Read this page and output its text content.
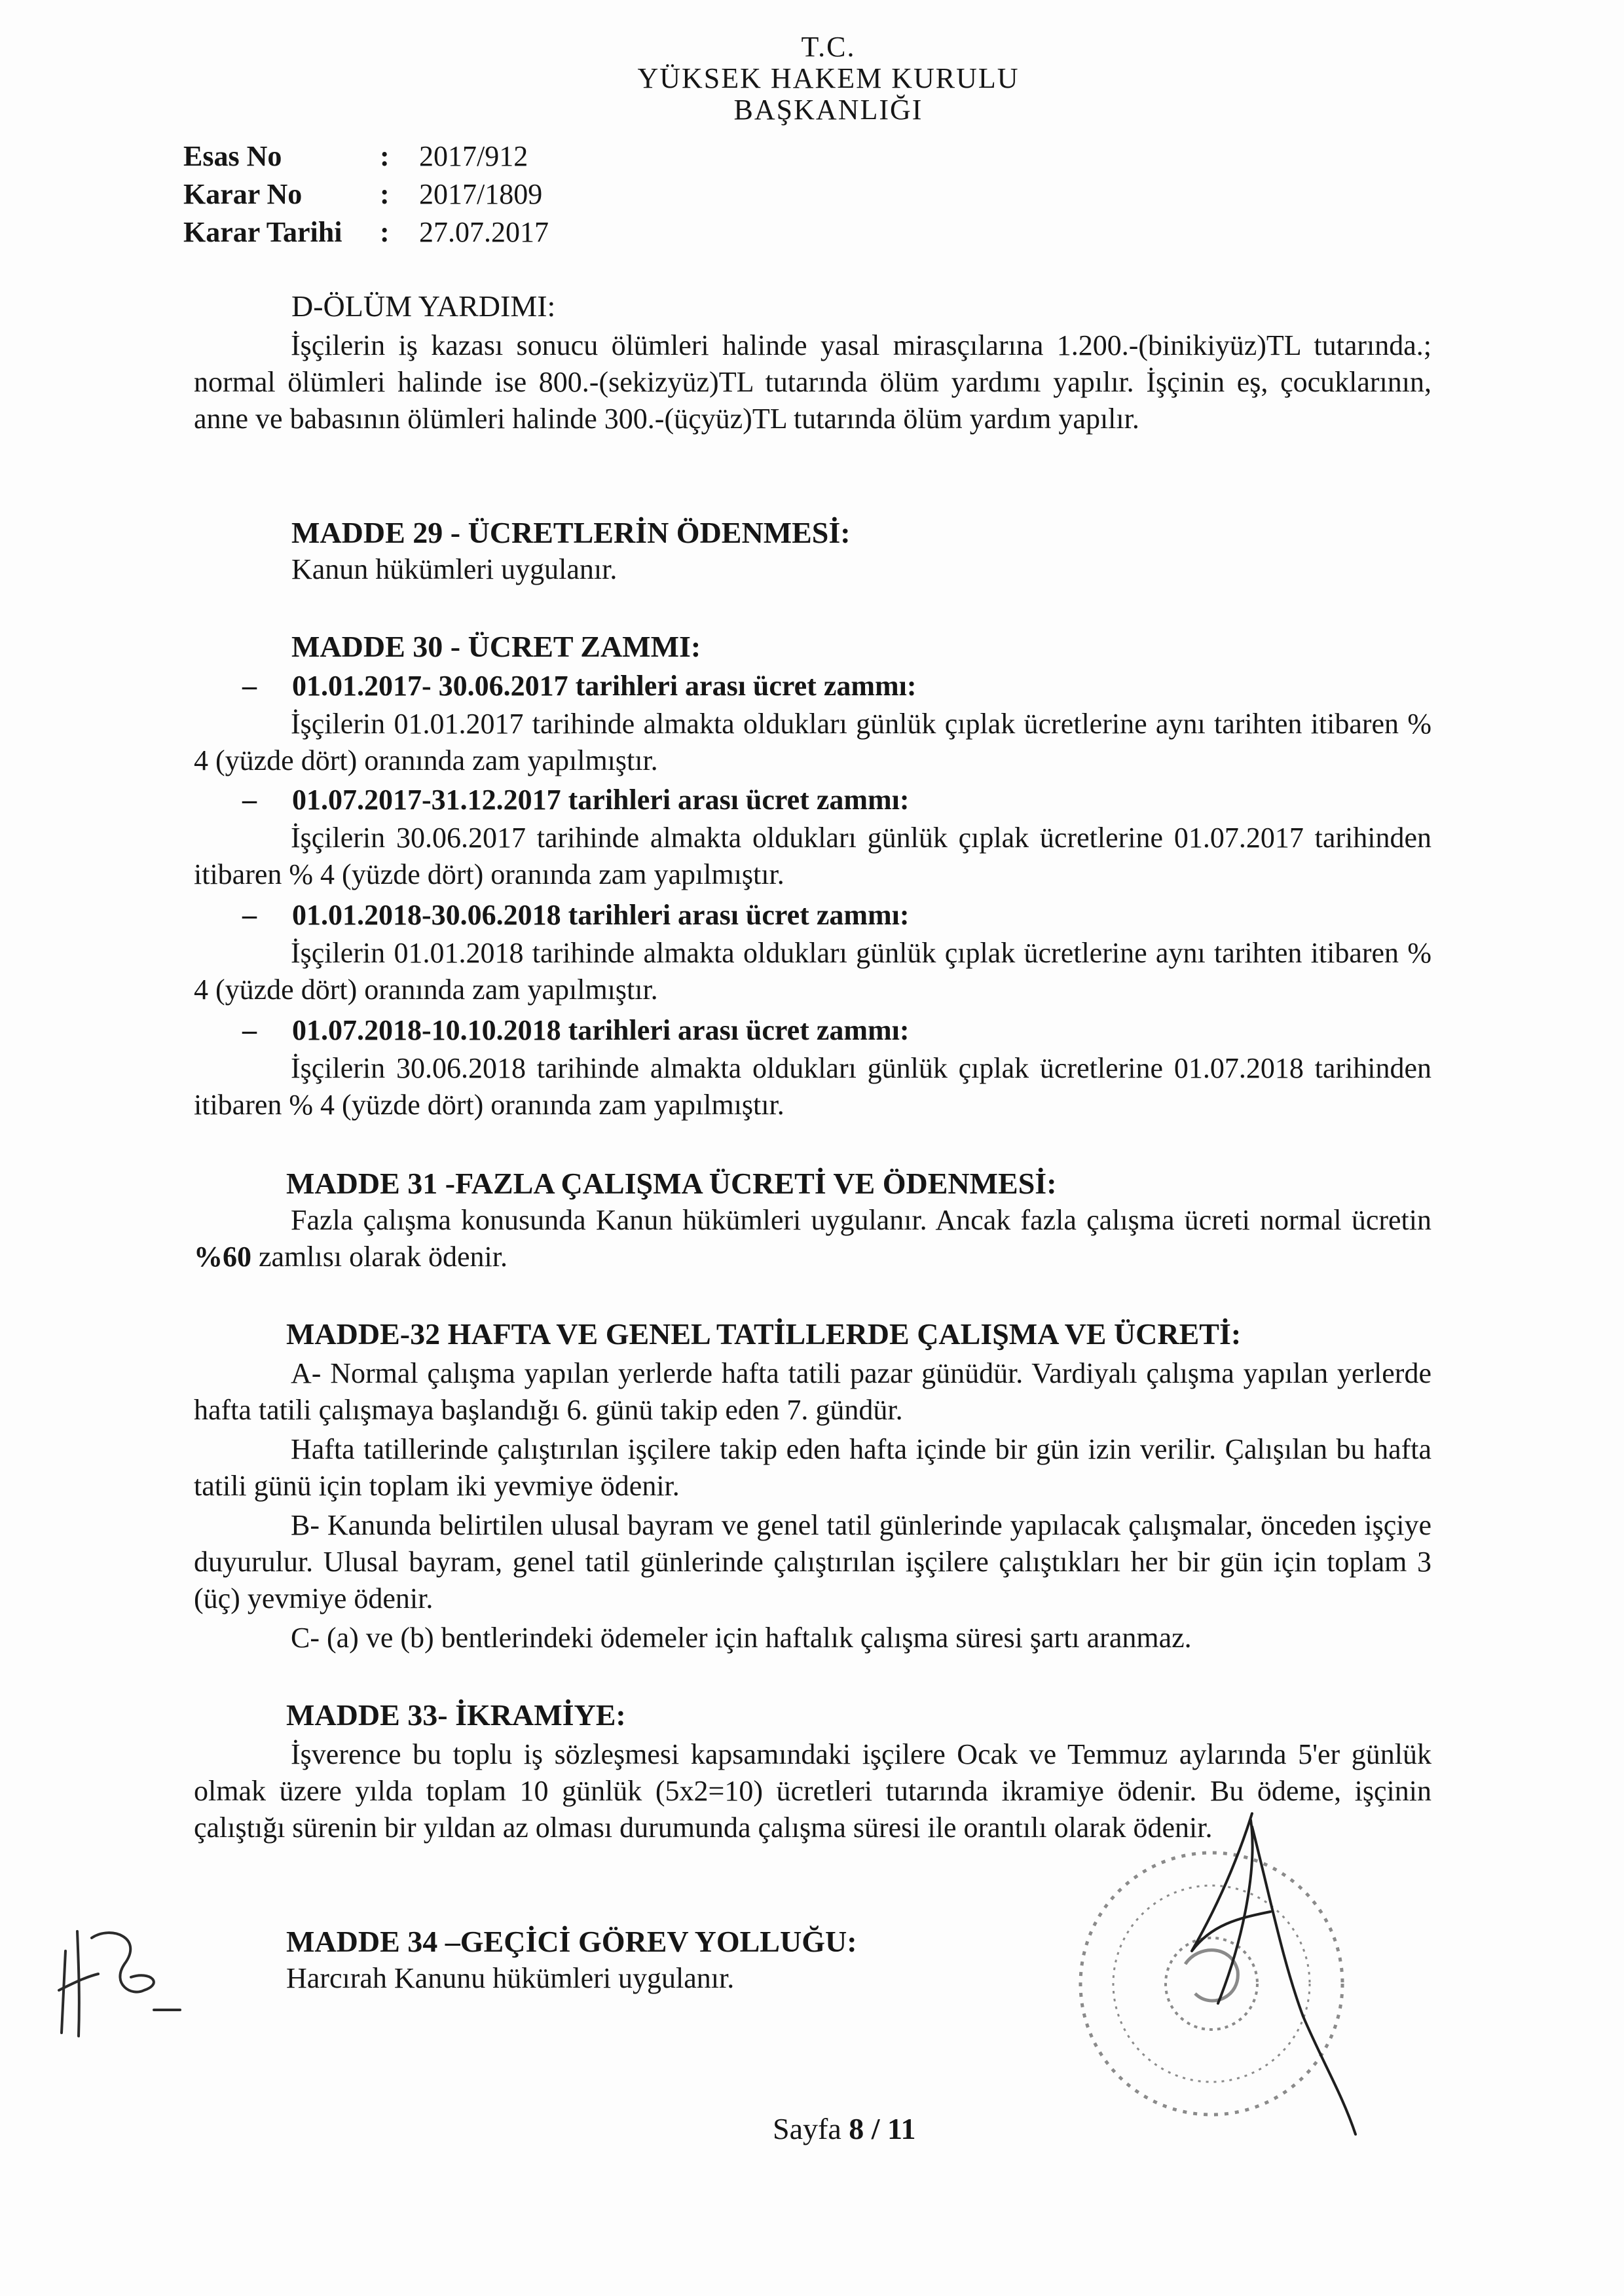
T.C.
YÜKSEK HAKEM KURULU
BAŞKANLIĞI
Esas No	:	2017/912
Karar No	:	2017/1809
Karar Tarihi	:	27.07.2017
D-ÖLÜM YARDIMI:
İşçilerin iş kazası sonucu ölümleri halinde yasal mirasçılarına 1.200.-(binikiyüz)TL tutarında.; normal ölümleri halinde ise 800.-(sekizyüz)TL tutarında ölüm yardımı yapılır. İşçinin eş, çocuklarının, anne ve babasının ölümleri halinde 300.-(üçyüz)TL tutarında ölüm yardım yapılır.
MADDE 29 - ÜCRETLERİN ÖDENMESİ:
Kanun hükümleri uygulanır.
MADDE 30 - ÜCRET ZAMMI:
– 01.01.2017- 30.06.2017 tarihleri arası ücret zammı:
İşçilerin 01.01.2017 tarihinde almakta oldukları günlük çıplak ücretlerine aynı tarihten itibaren % 4 (yüzde dört) oranında zam yapılmıştır.
– 01.07.2017-31.12.2017 tarihleri arası ücret zammı:
İşçilerin 30.06.2017 tarihinde almakta oldukları günlük çıplak ücretlerine 01.07.2017 tarihinden itibaren % 4 (yüzde dört) oranında zam yapılmıştır.
– 01.01.2018-30.06.2018 tarihleri arası ücret zammı:
İşçilerin 01.01.2018 tarihinde almakta oldukları günlük çıplak ücretlerine aynı tarihten itibaren % 4 (yüzde dört) oranında zam yapılmıştır.
– 01.07.2018-10.10.2018 tarihleri arası ücret zammı:
İşçilerin 30.06.2018 tarihinde almakta oldukları günlük çıplak ücretlerine 01.07.2018 tarihinden itibaren % 4 (yüzde dört) oranında zam yapılmıştır.
MADDE 31 -FAZLA ÇALIŞMA ÜCRETİ VE ÖDENMESİ:
Fazla çalışma konusunda Kanun hükümleri uygulanır. Ancak fazla çalışma ücreti normal ücretin %60 zamlısı olarak ödenir.
MADDE-32 HAFTA VE GENEL TATİLLERDE ÇALIŞMA VE ÜCRETİ:
A- Normal çalışma yapılan yerlerde hafta tatili pazar günüdür. Vardiyalı çalışma yapılan yerlerde hafta tatili çalışmaya başlandığı 6. günü takip eden 7. gündür.
Hafta tatillerinde çalıştırılan işçilere takip eden hafta içinde bir gün izin verilir. Çalışılan bu hafta tatili günü için toplam iki yevmiye ödenir.
B- Kanunda belirtilen ulusal bayram ve genel tatil günlerinde yapılacak çalışmalar, önceden işçiye duyurulur. Ulusal bayram, genel tatil günlerinde çalıştırılan işçilere çalıştıkları her bir gün için toplam 3 (üç) yevmiye ödenir.
C- (a) ve (b) bentlerindeki ödemeler için haftalık çalışma süresi şartı aranmaz.
MADDE 33- İKRAMİYE:
İşverence bu toplu iş sözleşmesi kapsamındaki işçilere Ocak ve Temmuz aylarında 5'er günlük olmak üzere yılda toplam 10 günlük (5x2=10) ücretleri tutarında ikramiye ödenir. Bu ödeme, işçinin çalıştığı sürenin bir yıldan az olması durumunda çalışma süresi ile orantılı olarak ödenir.
MADDE 34 –GEÇİCİ GÖREV YOLLUĞU:
Harcırah Kanunu hükümleri uygulanır.
Sayfa 8 / 11
